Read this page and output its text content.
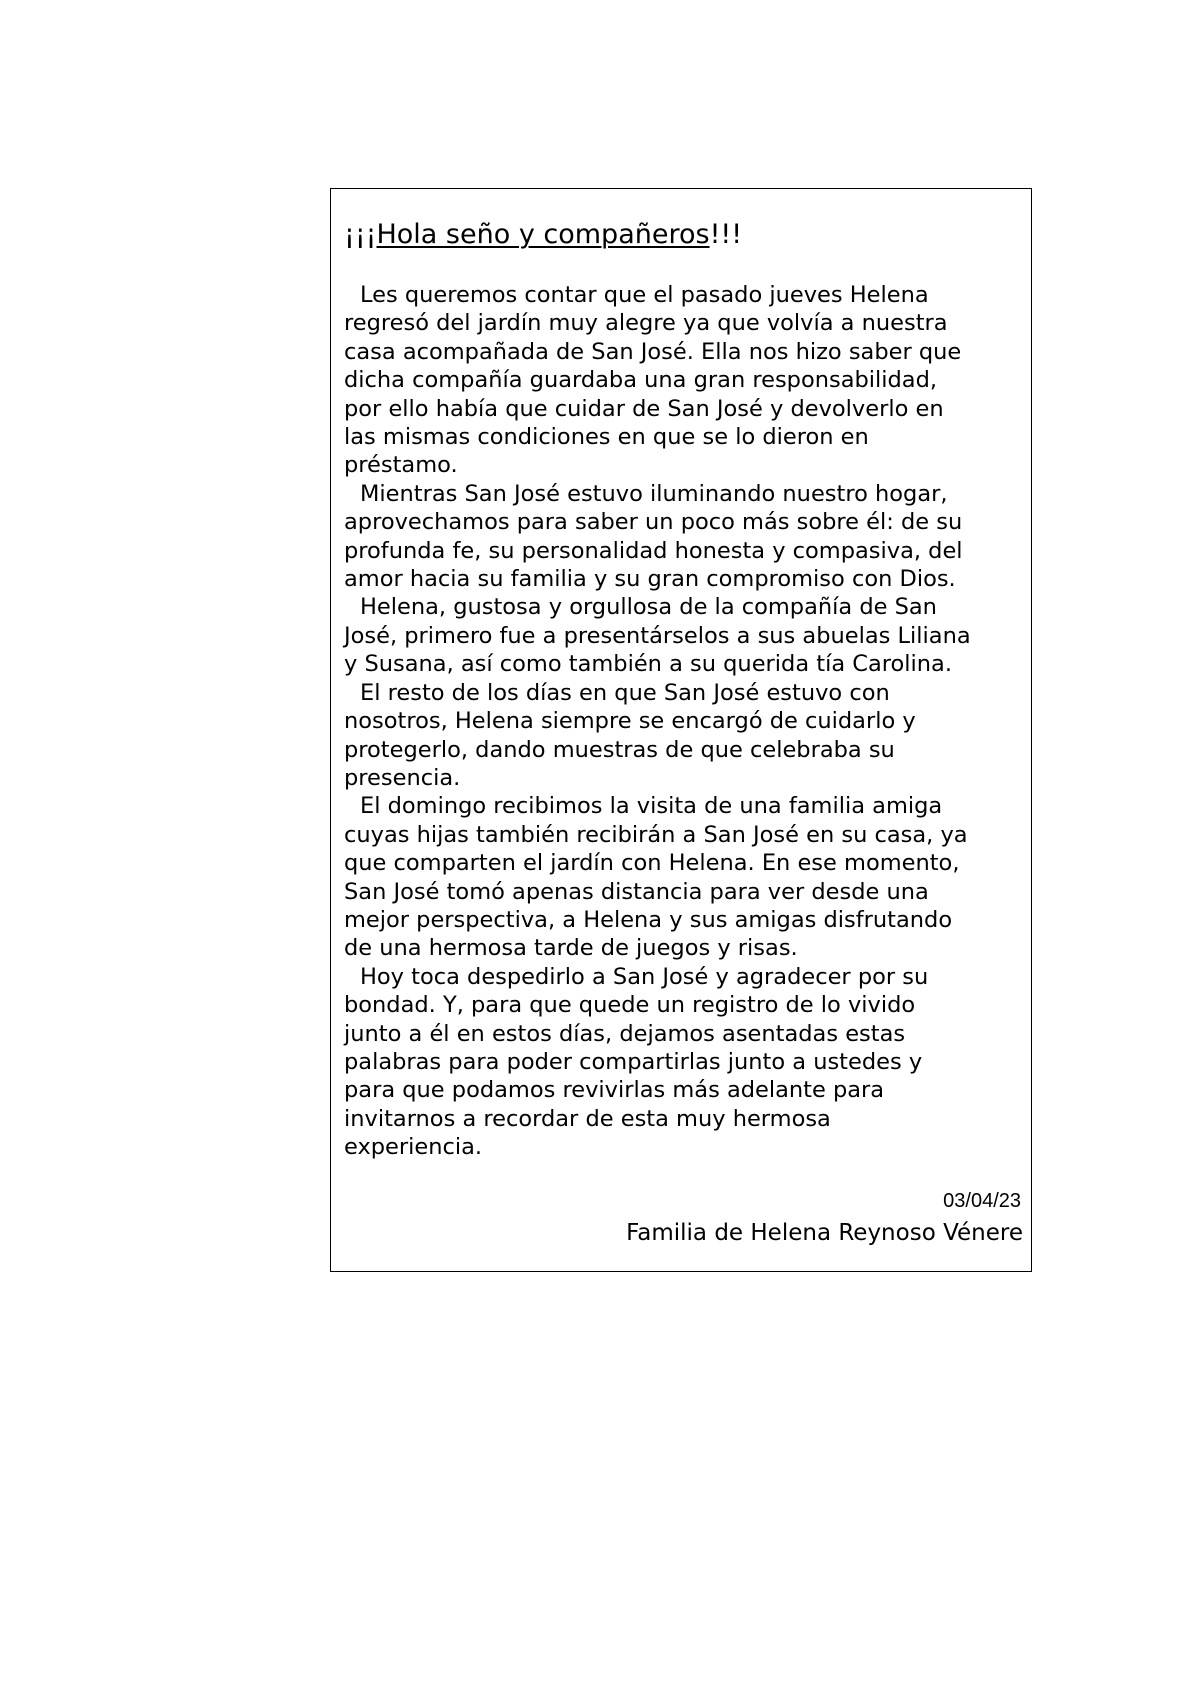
¡¡¡Hola seño y compañeros!!!
Les queremos contar que el pasado jueves Helena
regresó del jardín muy alegre ya que volvía a nuestra
casa acompañada de San José. Ella nos hizo saber que
dicha compañía guardaba una gran responsabilidad,
por ello había que cuidar de San José y devolverlo en
las mismas condiciones en que se lo dieron en
préstamo.
Mientras San José estuvo iluminando nuestro hogar,
aprovechamos para saber un poco más sobre él: de su
profunda fe, su personalidad honesta y compasiva, del
amor hacia su familia y su gran compromiso con Dios.
Helena, gustosa y orgullosa de la compañía de San
José, primero fue a presentárselos a sus abuelas Liliana
y Susana, así como también a su querida tía Carolina.
El resto de los días en que San José estuvo con
nosotros, Helena siempre se encargó de cuidarlo y
protegerlo, dando muestras de que celebraba su
presencia.
El domingo recibimos la visita de una familia amiga
cuyas hijas también recibirán a San José en su casa, ya
que comparten el jardín con Helena. En ese momento,
San José tomó apenas distancia para ver desde una
mejor perspectiva, a Helena y sus amigas disfrutando
de una hermosa tarde de juegos y risas.
Hoy toca despedirlo a San José y agradecer por su
bondad. Y, para que quede un registro de lo vivido
junto a él en estos días, dejamos asentadas estas
palabras para poder compartirlas junto a ustedes y
para que podamos revivirlas más adelante para
invitarnos a recordar de esta muy hermosa
experiencia.
03/04/23
Familia de Helena Reynoso Vénere
